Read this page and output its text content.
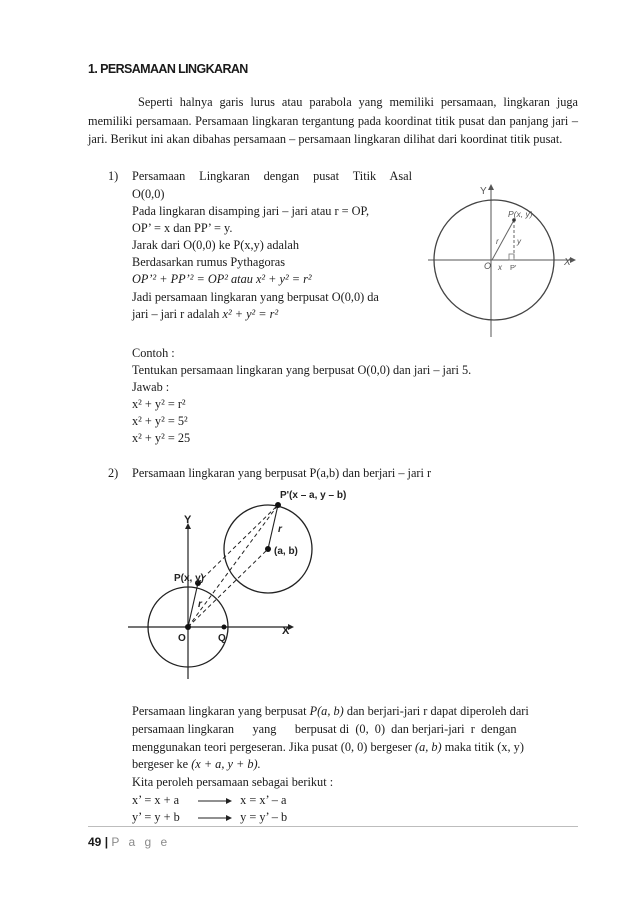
1. PERSAMAAN LINGKARAN

Seperti halnya garis lurus atau parabola yang memiliki persamaan, lingkaran juga memiliki persamaan. Persamaan lingkaran tergantung pada koordinat titik pusat dan panjang jari – jari. Berikut ini akan dibahas persamaan – persamaan lingkaran dilihat dari koordinat titik pusat.

1) Persamaan Lingkaran dengan pusat Titik Asal
O(0,0)
Pada lingkaran disamping jari – jari atau r = OP,
OP’ = x dan PP’ = y.
Jarak dari O(0,0) ke P(x,y) adalah
Berdasarkan rumus Pythagoras
OP’² + PP’² = OP² atau x² + y² = r²
Jadi persamaan lingkaran yang berpusat O(0,0) da
jari – jari r adalah x² + y² = r²
Contoh :
Tentukan persamaan lingkaran yang berpusat O(0,0) dan jari – jari 5.
Jawab :
x² + y² = r²
x² + y² = 5²
x² + y² = 25
Y
X
P(x, y)
r y
O x P'
2) Persamaan lingkaran yang berpusat P(a,b) dan berjari – jari r
Y
X
P'(x – a, y – b)
r
(a, b)
P(x, y)
r
O	Q
Persamaan lingkaran yang berpusat P(a, b) dan berjari-jari r dapat diperoleh dari
persamaan lingkaran      yang      berpusat di  (0,  0)  dan berjari-jari  r  dengan
menggunakan teori pergeseran. Jika pusat (0, 0) bergeser (a, b) maka titik (x, y)
bergeser ke (x + a, y + b).
Kita peroleh persamaan sebagai berikut :
x’ = x + a	x = x’ – a
y’ = y + b	y = y’ – b
49 | P a g e
